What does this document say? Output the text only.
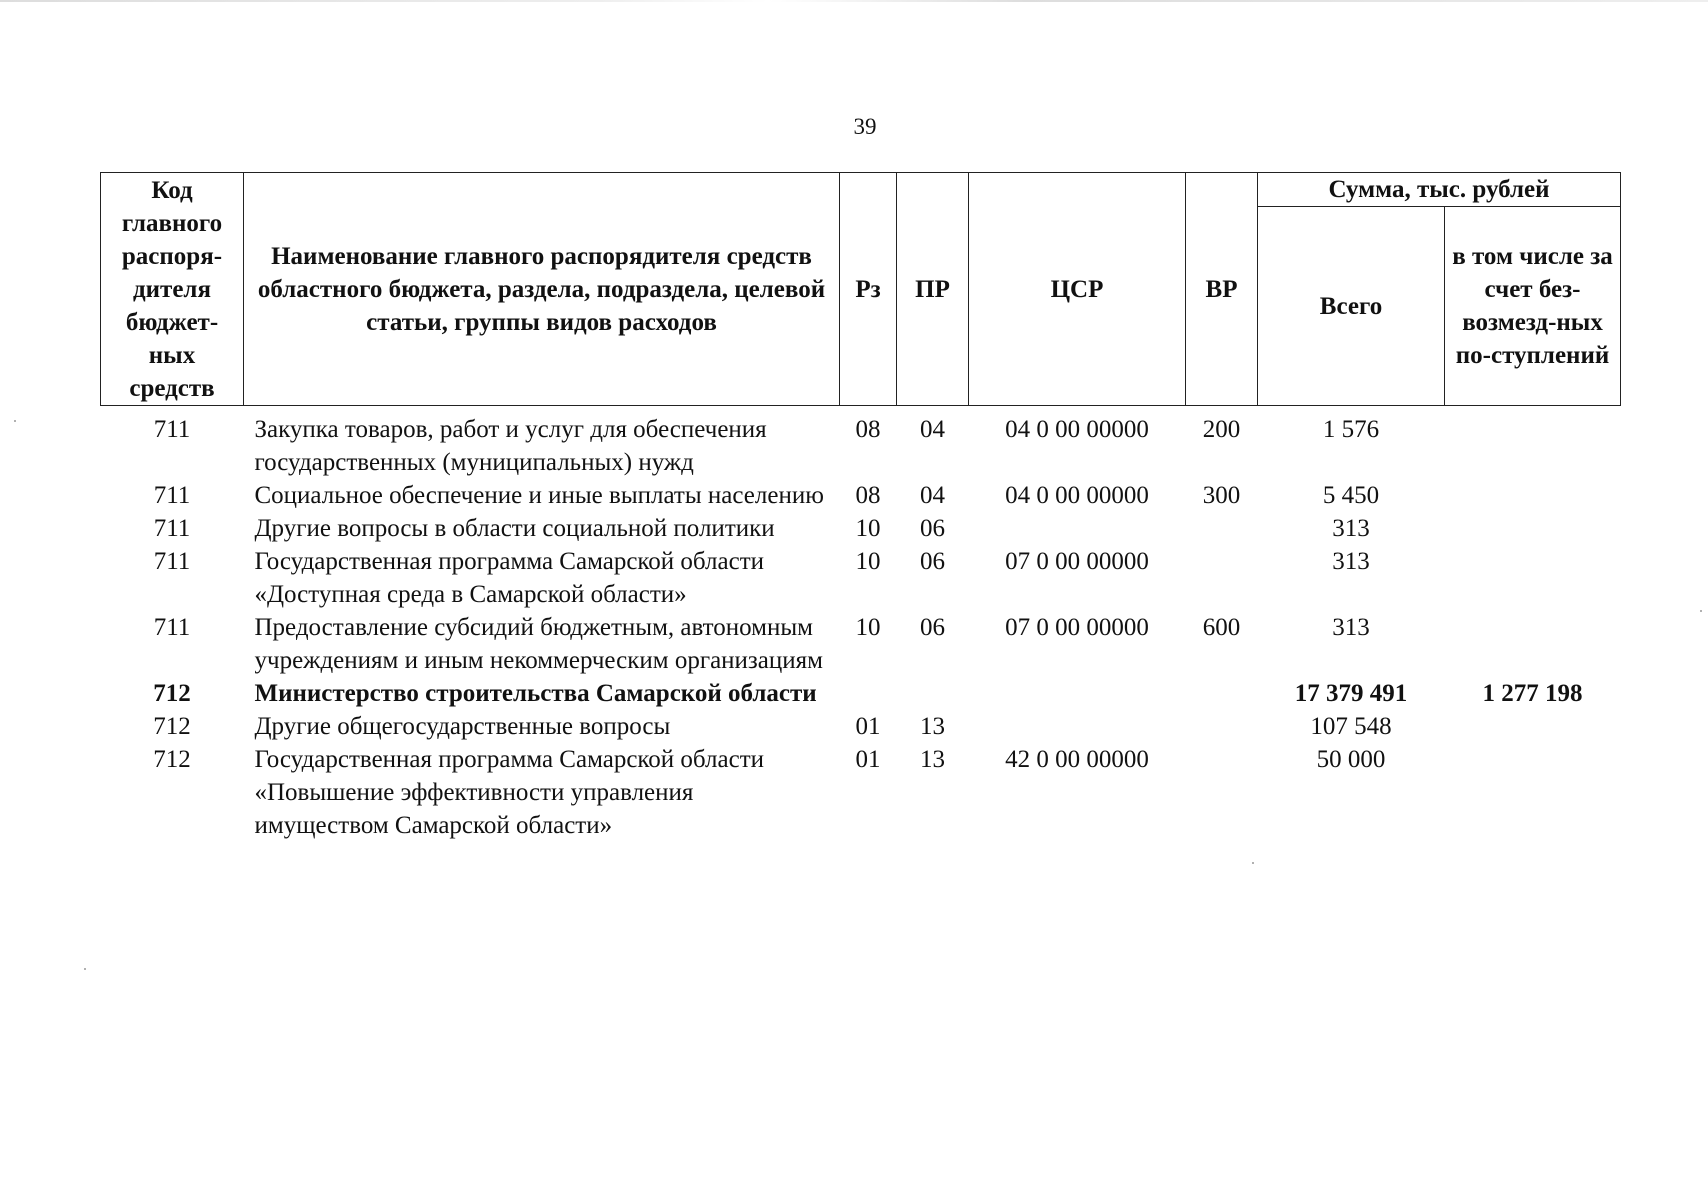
39
Код главного распоря-дителя бюджет-ных средств	Наименование главного распорядителя средств областного бюджета, раздела, подраздела, целевой статьи, группы видов расходов	Рз	ПР	ЦСР	ВР	Сумма, тыс. рублей	
						Всего	в том числе за счет без-возмезд-ных по-ступлений
711	Закупка товаров, работ и услуг для обеспечения государственных (муниципальных) нужд	08	04	04 0 00 00000	200	1 576	
711	Социальное обеспечение и иные выплаты населению	08	04	04 0 00 00000	300	5 450	
711	Другие вопросы в области социальной политики	10	06			313	
711	Государственная программа Самарской области «Доступная среда в Самарской области»	10	06	07 0 00 00000		313	
711	Предоставление субсидий бюджетным, автономным учреждениям и иным некоммерческим организациям	10	06	07 0 00 00000	600	313	
712	Министерство строительства Самарской области					17 379 491	1 277 198
712	Другие общегосударственные вопросы	01	13			107 548	
712	Государственная программа Самарской области «Повышение эффективности управления имуществом Самарской области»	01	13	42 0 00 00000		50 000	
